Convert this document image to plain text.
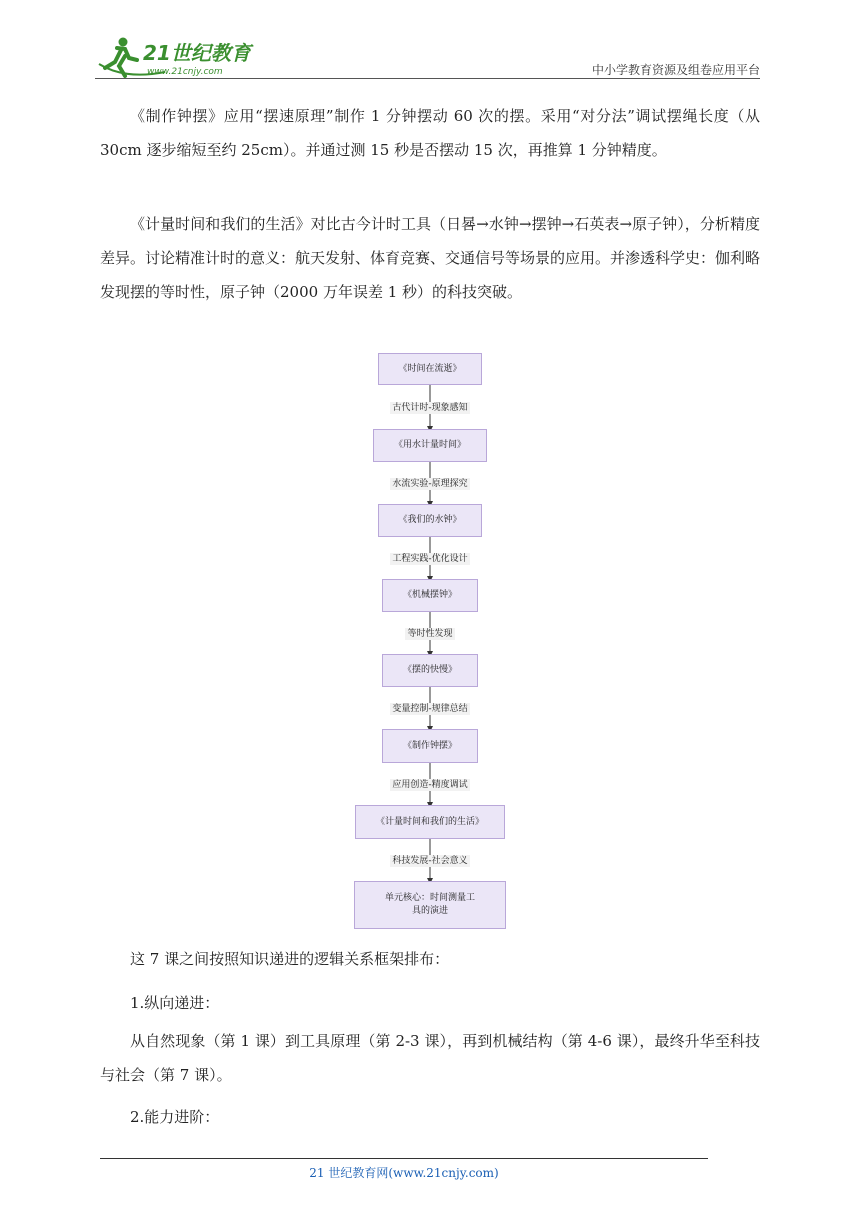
21世纪教育
www.21cnjy.com	中小学教育资源及组卷应用平台

《制作钟摆》应用“摆速原理”制作 1 分钟摆动 60 次的摆。采用“对分法”调试摆绳长度（从 30cm 逐步缩短至约 25cm）。并通过测 15 秒是否摆动 15 次，再推算 1 分钟精度。

《计量时间和我们的生活》对比古今计时工具（日晷→水钟→摆钟→石英表→原子钟），分析精度差异。讨论精准计时的意义：航天发射、体育竞赛、交通信号等场景的应用。并渗透科学史：伽利略发现摆的等时性，原子钟（2000 万年误差 1 秒）的科技突破。

《时间在流逝》
古代计时-现象感知
《用水计量时间》
水流实验-原理探究
《我们的水钟》
工程实践-优化设计
《机械摆钟》
等时性发现
《摆的快慢》
变量控制-规律总结
《制作钟摆》
应用创造-精度调试
《计量时间和我们的生活》
科技发展-社会意义
单元核心：时间测量工具的演进

这 7 课之间按照知识递进的逻辑关系框架排布：

1.纵向递进：

从自然现象（第 1 课）到工具原理（第 2-3 课），再到机械结构（第 4-6 课），最终升华至科技与社会（第 7 课）。

2.能力进阶：

21 世纪教育网(www.21cnjy.com)
